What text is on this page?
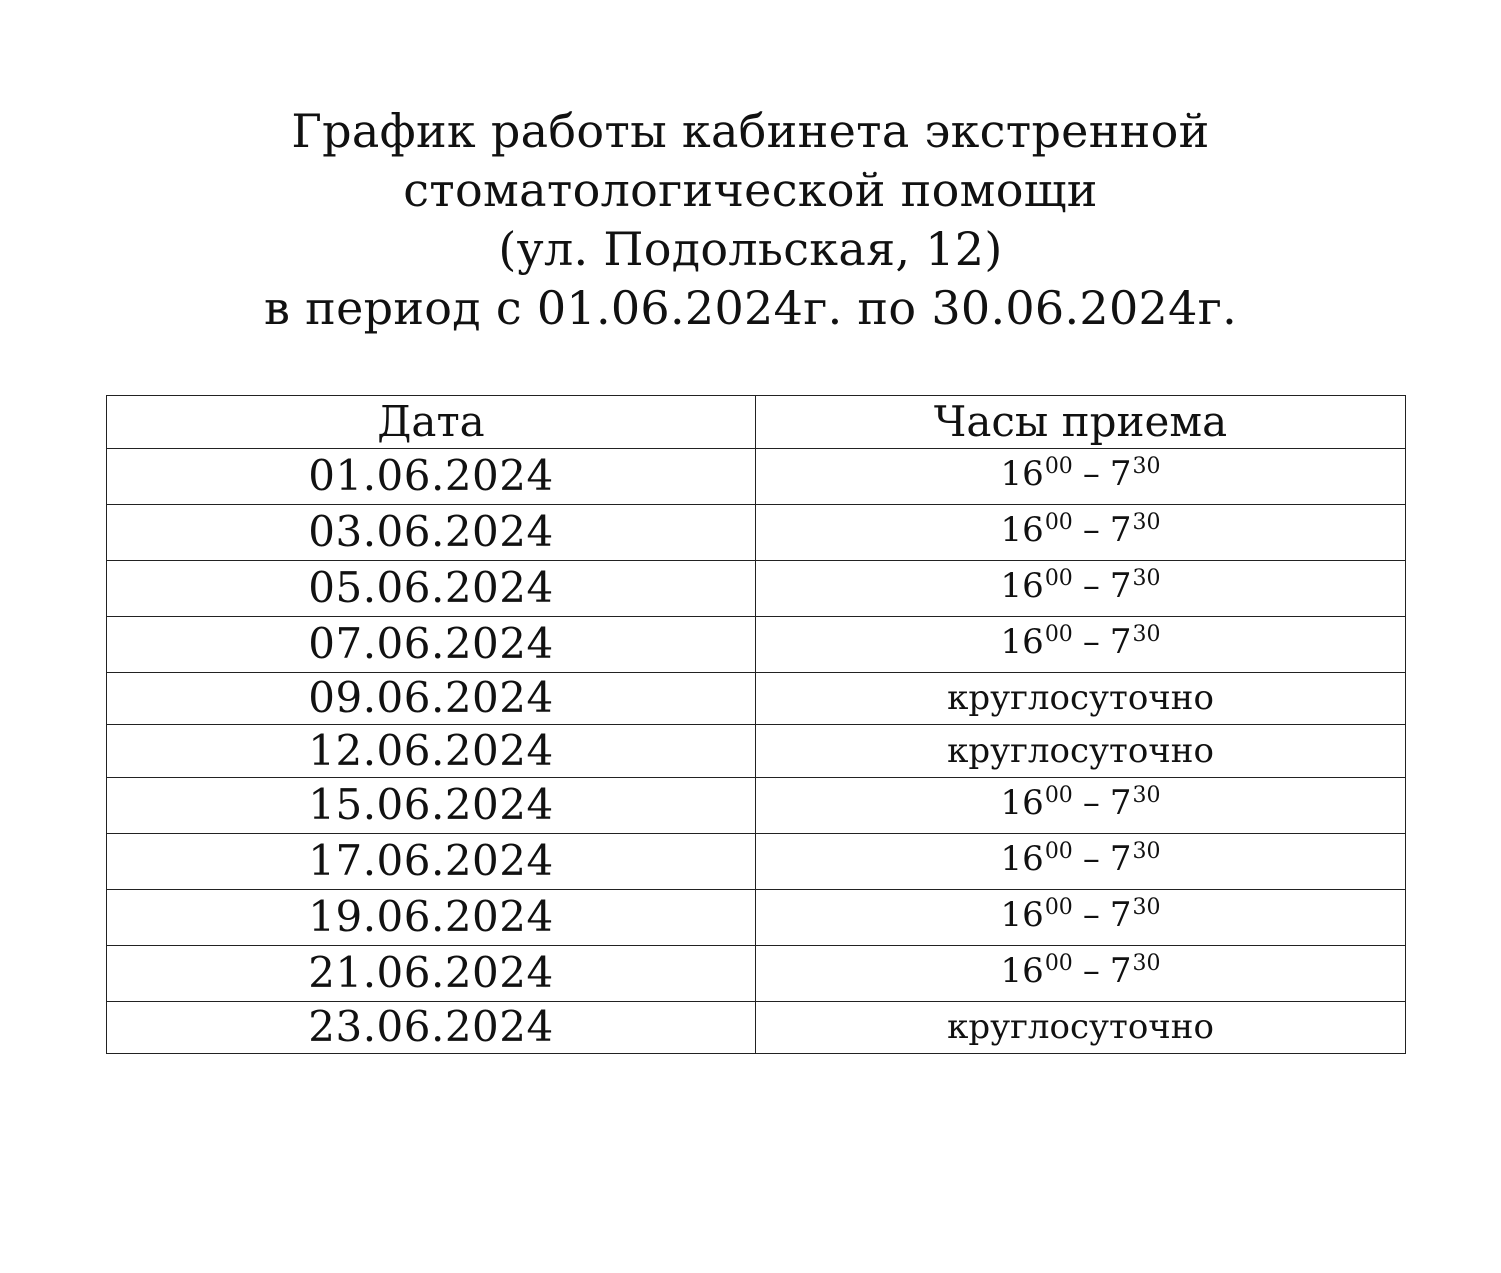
График работы кабинета экстренной
стоматологической помощи
(ул. Подольская, 12)
в период с 01.06.2024г. по 30.06.2024г.
Дата	Часы приема
01.06.2024	$16^{00} - 7^{30}$
03.06.2024	$16^{00} - 7^{30}$
05.06.2024	$16^{00} - 7^{30}$
07.06.2024	$16^{00} - 7^{30}$
09.06.2024	круглосуточно
12.06.2024	круглосуточно
15.06.2024	$16^{00} - 7^{30}$
17.06.2024	$16^{00} - 7^{30}$
19.06.2024	$16^{00} - 7^{30}$
21.06.2024	$16^{00} - 7^{30}$
23.06.2024	круглосуточно
